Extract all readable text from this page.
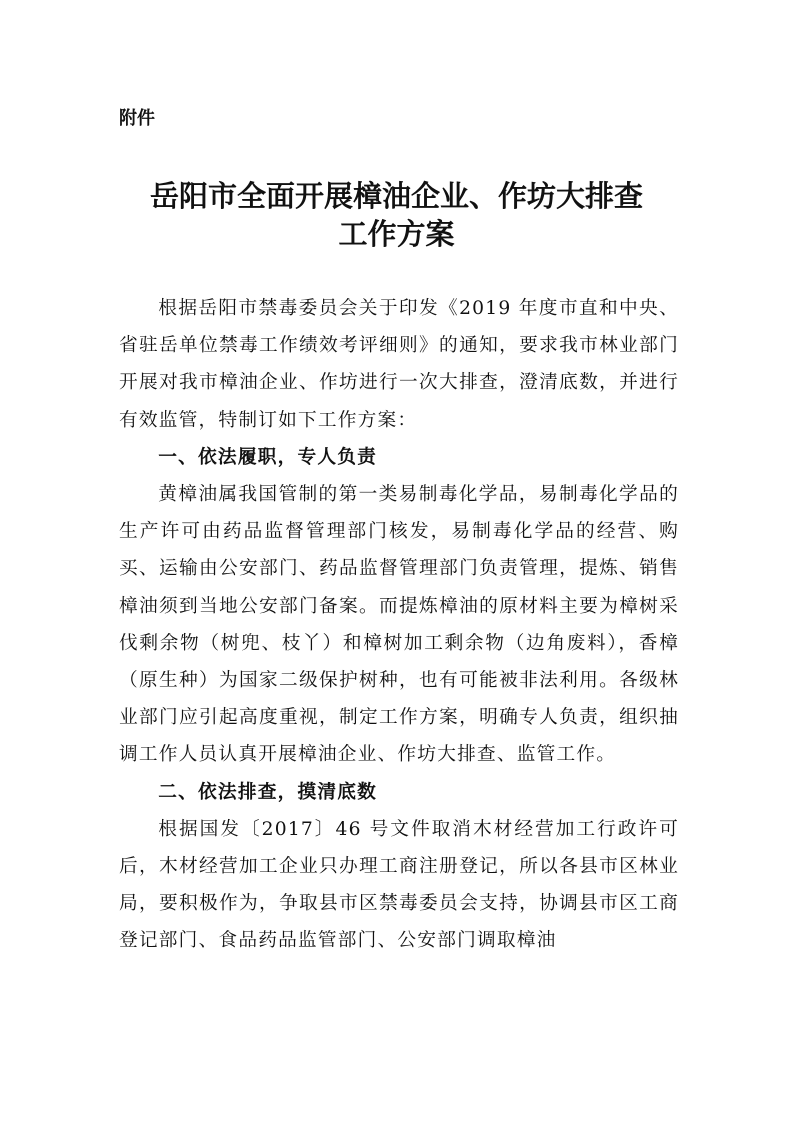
附件
岳阳市全面开展樟油企业、作坊大排查
工作方案

根据岳阳市禁毒委员会关于印发《2019 年度市直和中央、省驻岳单位禁毒工作绩效考评细则》的通知，要求我市林业部门开展对我市樟油企业、作坊进行一次大排查，澄清底数，并进行有效监管，特制订如下工作方案：

一、依法履职，专人负责

黄樟油属我国管制的第一类易制毒化学品，易制毒化学品的生产许可由药品监督管理部门核发，易制毒化学品的经营、购买、运输由公安部门、药品监督管理部门负责管理，提炼、销售樟油须到当地公安部门备案。而提炼樟油的原材料主要为樟树采伐剩余物（树兜、枝丫）和樟树加工剩余物（边角废料），香樟（原生种）为国家二级保护树种，也有可能被非法利用。各级林业部门应引起高度重视，制定工作方案，明确专人负责，组织抽调工作人员认真开展樟油企业、作坊大排查、监管工作。

二、依法排查，摸清底数

根据国发〔2017〕46 号文件取消木材经营加工行政许可后，木材经营加工企业只办理工商注册登记，所以各县市区林业局，要积极作为，争取县市区禁毒委员会支持，协调县市区工商登记部门、食品药品监管部门、公安部门调取樟油
